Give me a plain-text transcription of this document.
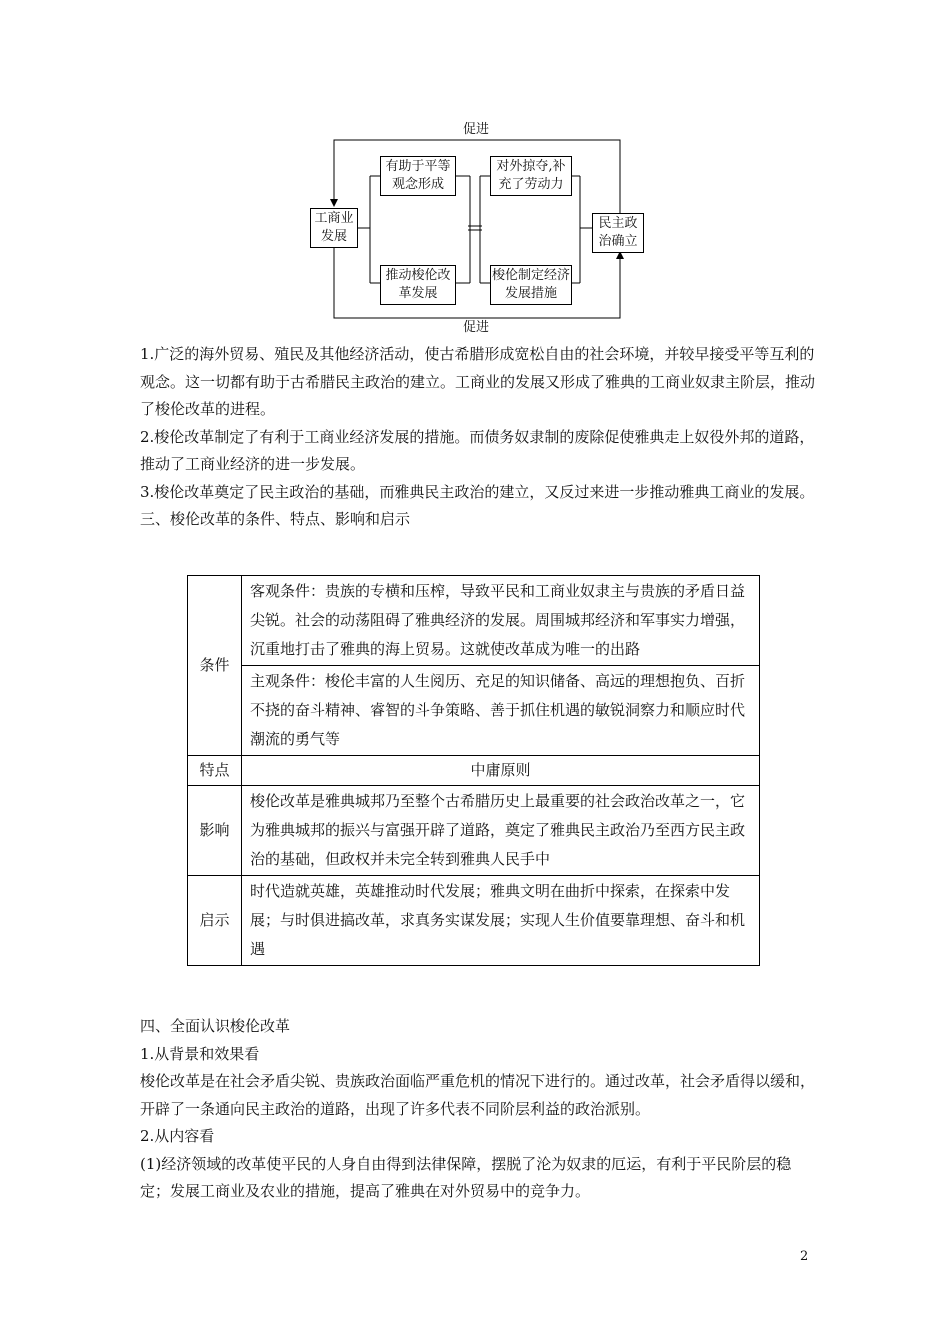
促进
促进
工商业发展
民主政治确立
有助于平等观念形成
推动梭伦改革发展
对外掠夺,补充了劳动力
梭伦制定经济发展措施

1.广泛的海外贸易、殖民及其他经济活动，使古希腊形成宽松自由的社会环境，并较早接受平等互利的观念。这一切都有助于古希腊民主政治的建立。工商业的发展又形成了雅典的工商业奴隶主阶层，推动了梭伦改革的进程。

2.梭伦改革制定了有利于工商业经济发展的措施。而债务奴隶制的废除促使雅典走上奴役外邦的道路，推动了工商业经济的进一步发展。

3.梭伦改革奠定了民主政治的基础，而雅典民主政治的建立，又反过来进一步推动雅典工商业的发展。

三、梭伦改革的条件、特点、影响和启示

条件	客观条件：贵族的专横和压榨，导致平民和工商业奴隶主与贵族的矛盾日益尖锐。社会的动荡阻碍了雅典经济的发展。周围城邦经济和军事实力增强，沉重地打击了雅典的海上贸易。这就使改革成为唯一的出路
	主观条件：梭伦丰富的人生阅历、充足的知识储备、高远的理想抱负、百折不挠的奋斗精神、睿智的斗争策略、善于抓住机遇的敏锐洞察力和顺应时代潮流的勇气等
特点	中庸原则
影响	梭伦改革是雅典城邦乃至整个古希腊历史上最重要的社会政治改革之一，它为雅典城邦的振兴与富强开辟了道路，奠定了雅典民主政治乃至西方民主政治的基础，但政权并未完全转到雅典人民手中
启示	时代造就英雄，英雄推动时代发展；雅典文明在曲折中探索，在探索中发展；与时俱进搞改革，求真务实谋发展；实现人生价值要靠理想、奋斗和机遇

四、全面认识梭伦改革

1.从背景和效果看

梭伦改革是在社会矛盾尖锐、贵族政治面临严重危机的情况下进行的。通过改革，社会矛盾得以缓和，开辟了一条通向民主政治的道路，出现了许多代表不同阶层利益的政治派别。

2.从内容看

(1)经济领域的改革使平民的人身自由得到法律保障，摆脱了沦为奴隶的厄运，有利于平民阶层的稳定；发展工商业及农业的措施，提高了雅典在对外贸易中的竞争力。

2
